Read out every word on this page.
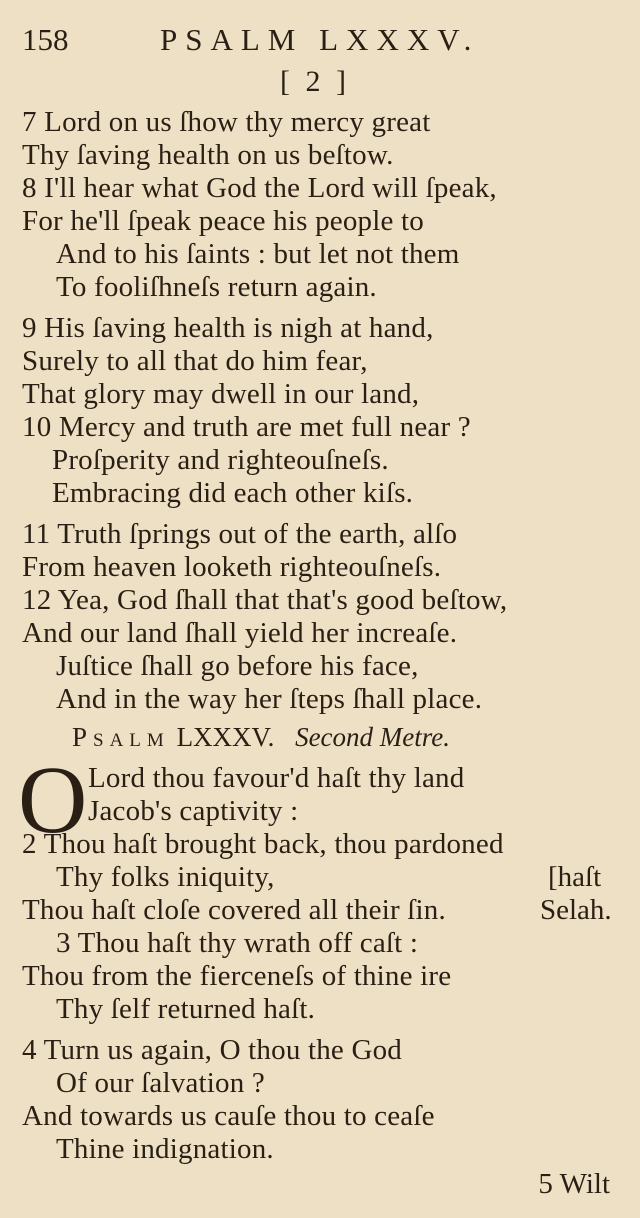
158	PSALM LXXXV.
[ 2 ]
7 Lord on us ſhow thy mercy great
Thy ſaving health on us beſtow.
8 I'll hear what God the Lord will ſpeak,
For he'll ſpeak peace his people to
And to his ſaints : but let not them
To fooliſhneſs return again.
9 His ſaving health is nigh at hand,
Surely to all that do him fear,
That glory may dwell in our land,
10 Mercy and truth are met full near ?
Proſperity and righteouſneſs.
Embracing did each other kiſs.
11 Truth ſprings out of the earth, alſo
From heaven looketh righteouſneſs.
12 Yea, God ſhall that that's good beſtow,
And our land ſhall yield her increaſe.
Juſtice ſhall go before his face,
And in the way her ſteps ſhall place.
Psalm LXXXV. Second Metre.
O Lord thou favour'd haſt thy land
Jacob's captivity :
2 Thou haſt brought back, thou pardoned
Thy folks iniquity,	[haſt
Thou haſt cloſe covered all their ſin.	Selah.
3 Thou haſt thy wrath off caſt :
Thou from the fierceneſs of thine ire
Thy ſelf returned haſt.
4 Turn us again, O thou the God
Of our ſalvation ?
And towards us cauſe thou to ceaſe
Thine indignation.
5 Wilt
